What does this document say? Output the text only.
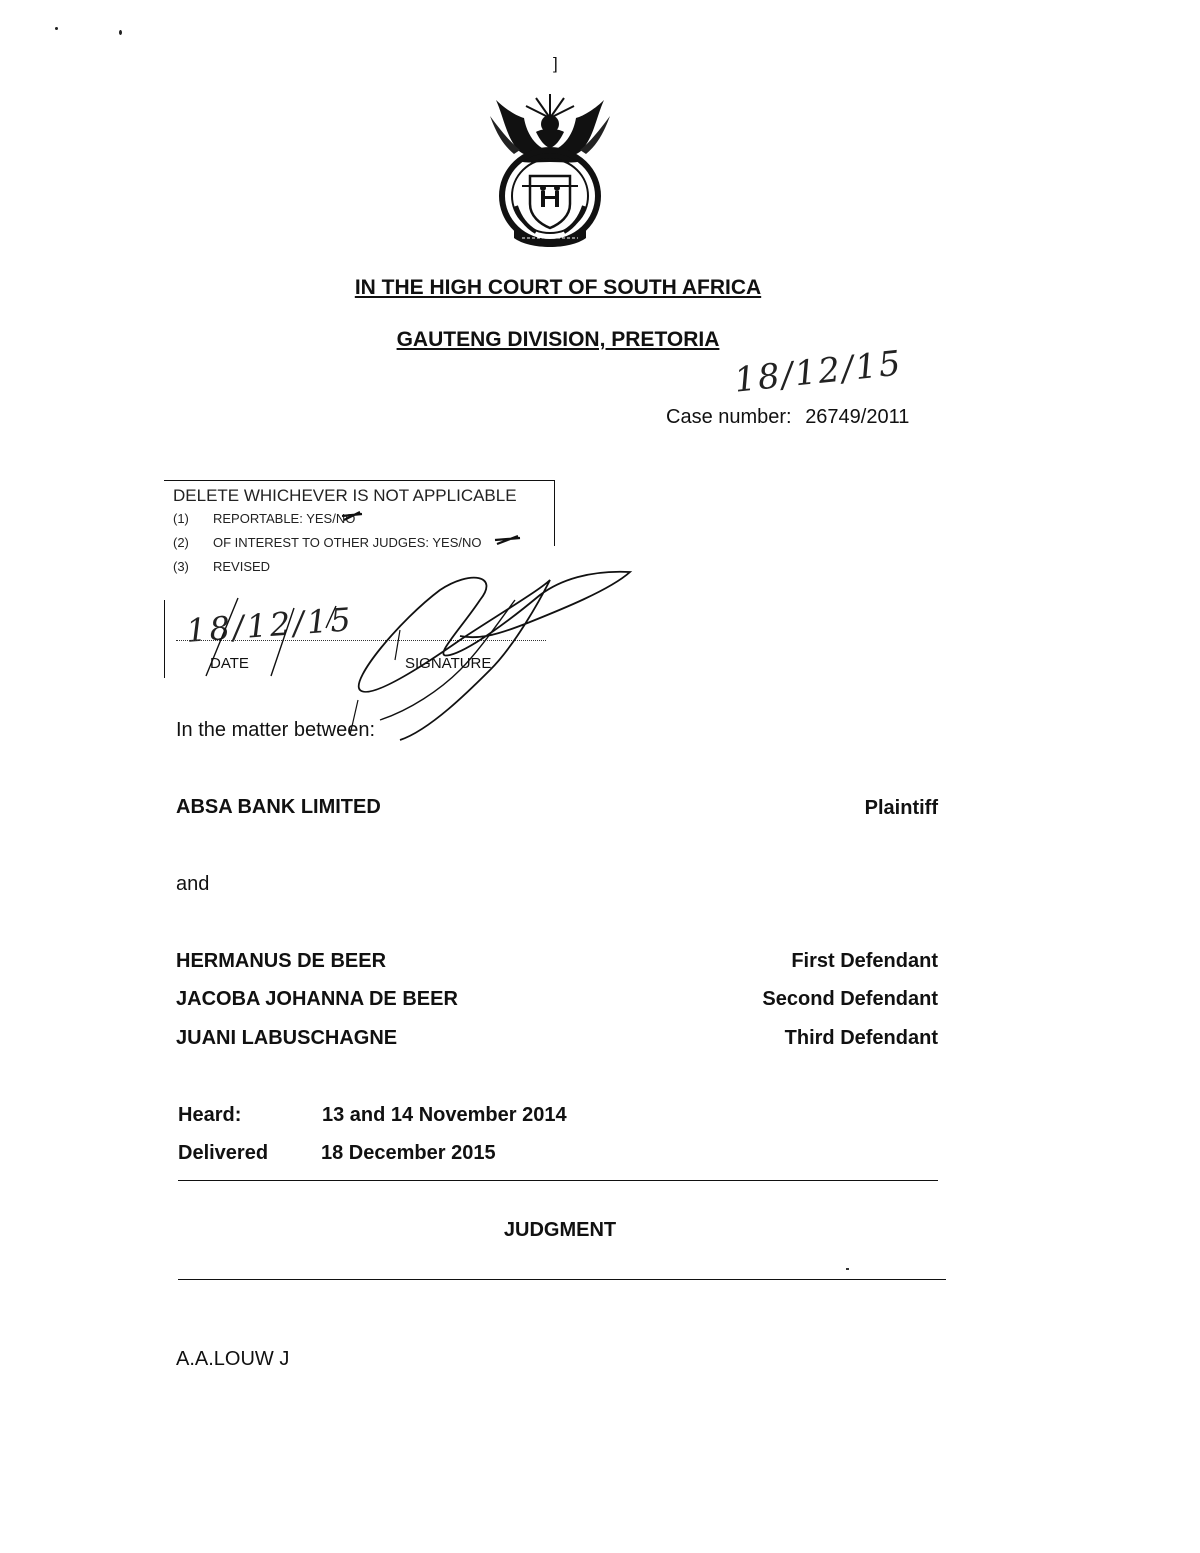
]
IN THE HIGH COURT OF SOUTH AFRICA
GAUTENG DIVISION, PRETORIA
18/12/15
Case number: 26749/2011
DELETE WHICHEVER IS NOT APPLICABLE
(1) REPORTABLE: YES/NO
(2) OF INTEREST TO OTHER JUDGES: YES/NO
(3) REVISED
18/12/15
DATE	SIGNATURE
In the matter between:
ABSA BANK LIMITED	Plaintiff
and
HERMANUS DE BEER	First Defendant
JACOBA JOHANNA DE BEER	Second Defendant
JUANI LABUSCHAGNE	Third Defendant
Heard:	13 and 14 November 2014
Delivered	18 December 2015
JUDGMENT
A.A.LOUW J
